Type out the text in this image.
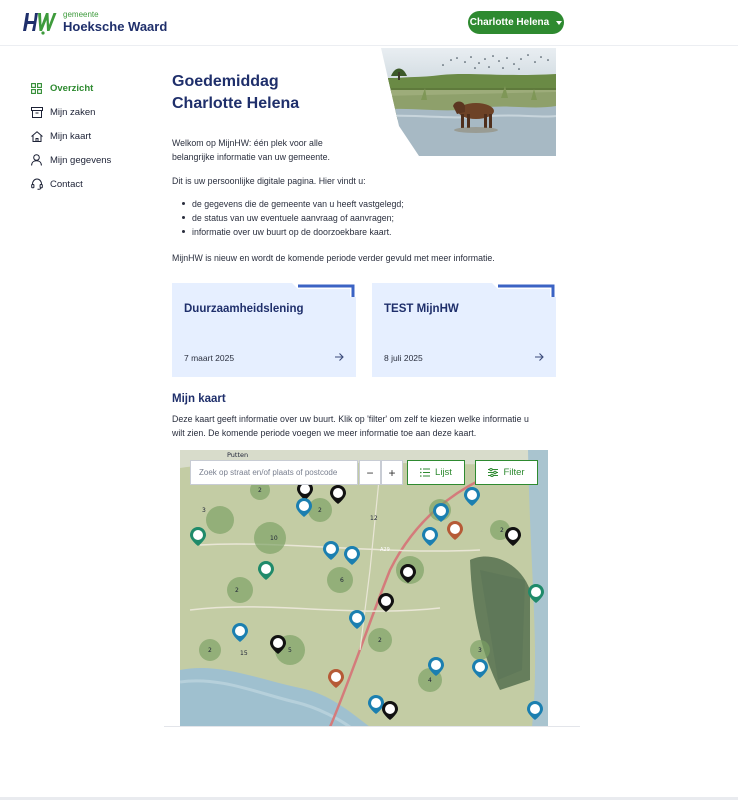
gemeente
Hoeksche Waard	Charlotte Helena
Overzicht
Mijn zaken
Mijn kaart
Mijn gegevens
Contact
Goedemiddag
Charlotte Helena
Welkom op MijnHW: één plek voor alle
belangrijke informatie van uw gemeente.
Dit is uw persoonlijke digitale pagina. Hier vindt u:
de gegevens die de gemeente van u heeft vastgelegd;
de status van uw eventuele aanvraag of aanvragen;
informatie over uw buurt op de doorzoekbare kaart.
MijnHW is nieuw en wordt de komende periode verder gevuld met meer informatie.
Duurzaamheidslening
7 maart 2025
TEST MijnHW
8 juli 2025
Mijn kaart
Deze kaart geeft informatie over uw buurt. Klik op 'filter' om zelf te kiezen welke informatie u
wilt zien. De komende periode voegen we meer informatie toe aan deze kaart.
3
10
2
2
5
2
3
6
2
4
2
2
12
15
Putten
A29
Zoek op straat en/of plaats of postcode	−	+	Lijst	Filter
